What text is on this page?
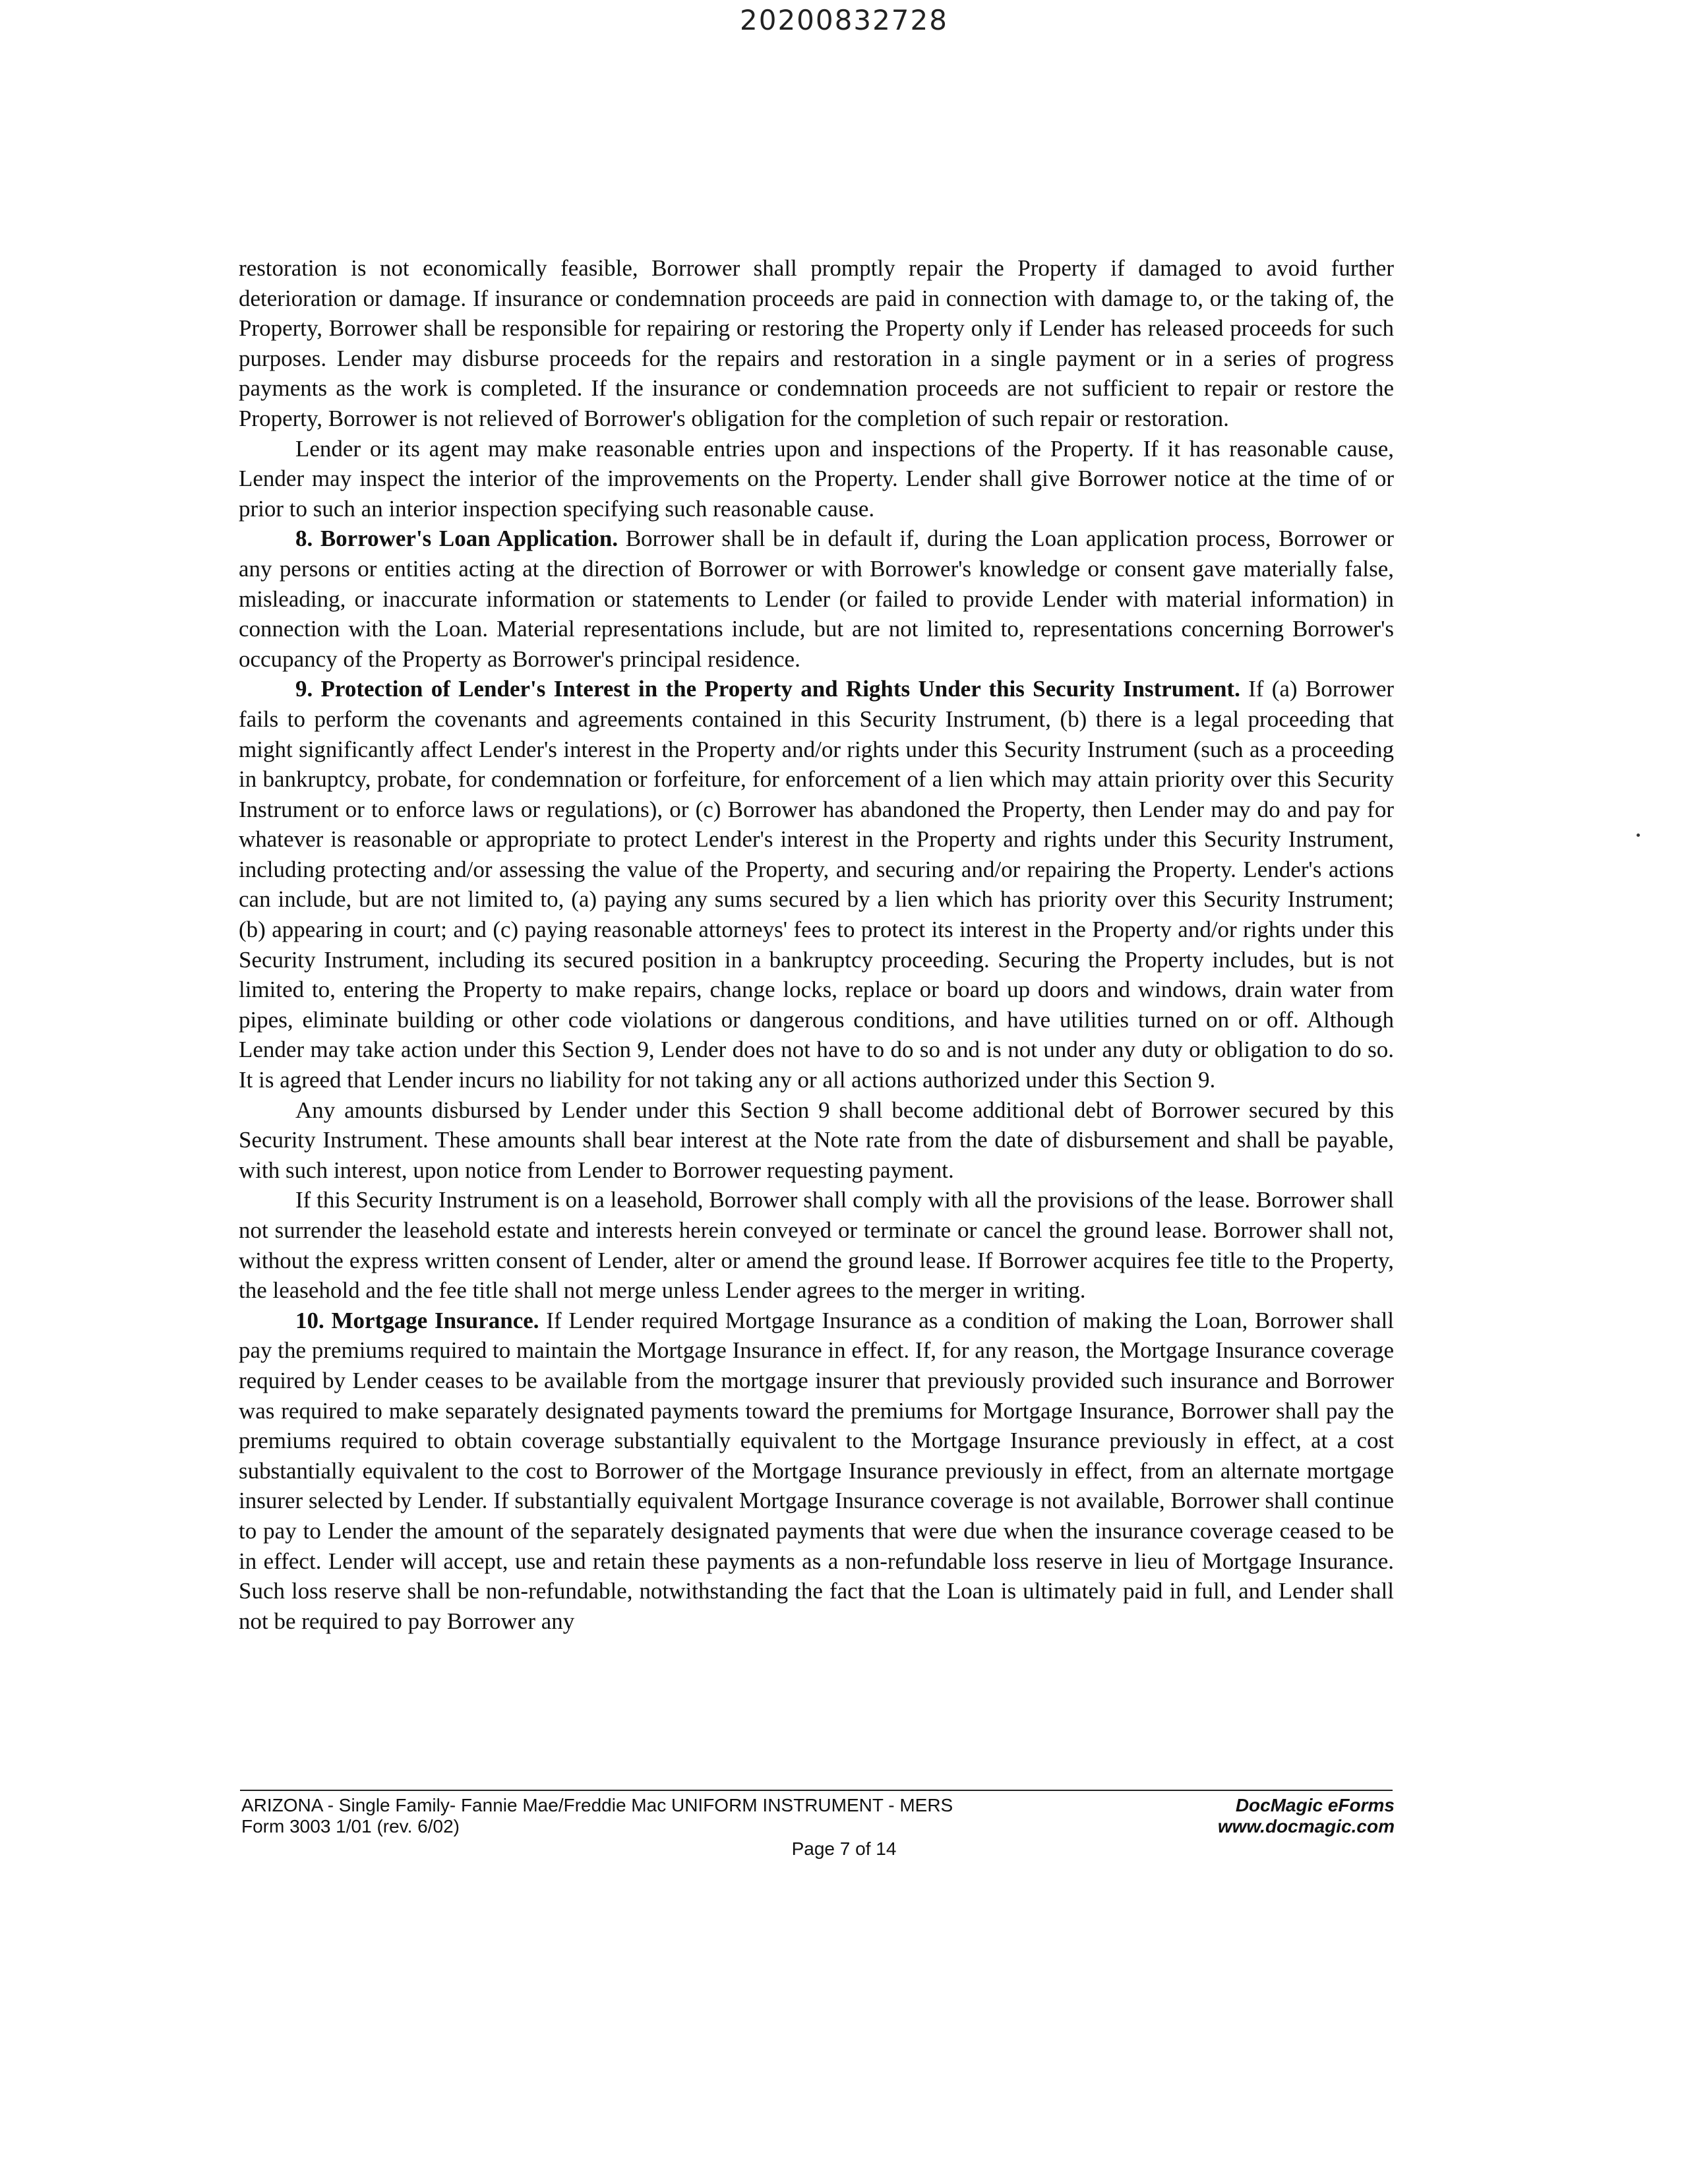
20200832728

restoration is not economically feasible, Borrower shall promptly repair the Property if damaged to avoid further deterioration or damage. If insurance or condemnation proceeds are paid in connection with damage to, or the taking of, the Property, Borrower shall be responsible for repairing or restoring the Property only if Lender has released proceeds for such purposes. Lender may disburse proceeds for the repairs and restoration in a single payment or in a series of progress payments as the work is completed. If the insurance or condemnation proceeds are not sufficient to repair or restore the Property, Borrower is not relieved of Borrower's obligation for the completion of such repair or restoration.

Lender or its agent may make reasonable entries upon and inspections of the Property. If it has reasonable cause, Lender may inspect the interior of the improvements on the Property. Lender shall give Borrower notice at the time of or prior to such an interior inspection specifying such reasonable cause.

8. Borrower's Loan Application. Borrower shall be in default if, during the Loan application process, Borrower or any persons or entities acting at the direction of Borrower or with Borrower's knowledge or consent gave materially false, misleading, or inaccurate information or statements to Lender (or failed to provide Lender with material information) in connection with the Loan. Material representations include, but are not limited to, representations concerning Borrower's occupancy of the Property as Borrower's principal residence.

9. Protection of Lender's Interest in the Property and Rights Under this Security Instrument. If (a) Borrower fails to perform the covenants and agreements contained in this Security Instrument, (b) there is a legal proceeding that might significantly affect Lender's interest in the Property and/or rights under this Security Instrument (such as a proceeding in bankruptcy, probate, for condemnation or forfeiture, for enforcement of a lien which may attain priority over this Security Instrument or to enforce laws or regulations), or (c) Borrower has abandoned the Property, then Lender may do and pay for whatever is reasonable or appropriate to protect Lender's interest in the Property and rights under this Security Instrument, including protecting and/or assessing the value of the Property, and securing and/or repairing the Property. Lender's actions can include, but are not limited to, (a) paying any sums secured by a lien which has priority over this Security Instrument; (b) appearing in court; and (c) paying reasonable attorneys' fees to protect its interest in the Property and/or rights under this Security Instrument, including its secured position in a bankruptcy proceeding. Securing the Property includes, but is not limited to, entering the Property to make repairs, change locks, replace or board up doors and windows, drain water from pipes, eliminate building or other code violations or dangerous conditions, and have utilities turned on or off. Although Lender may take action under this Section 9, Lender does not have to do so and is not under any duty or obligation to do so. It is agreed that Lender incurs no liability for not taking any or all actions authorized under this Section 9.

Any amounts disbursed by Lender under this Section 9 shall become additional debt of Borrower secured by this Security Instrument. These amounts shall bear interest at the Note rate from the date of disbursement and shall be payable, with such interest, upon notice from Lender to Borrower requesting payment.

If this Security Instrument is on a leasehold, Borrower shall comply with all the provisions of the lease. Borrower shall not surrender the leasehold estate and interests herein conveyed or terminate or cancel the ground lease. Borrower shall not, without the express written consent of Lender, alter or amend the ground lease. If Borrower acquires fee title to the Property, the leasehold and the fee title shall not merge unless Lender agrees to the merger in writing.

10. Mortgage Insurance. If Lender required Mortgage Insurance as a condition of making the Loan, Borrower shall pay the premiums required to maintain the Mortgage Insurance in effect. If, for any reason, the Mortgage Insurance coverage required by Lender ceases to be available from the mortgage insurer that previously provided such insurance and Borrower was required to make separately designated payments toward the premiums for Mortgage Insurance, Borrower shall pay the premiums required to obtain coverage substantially equivalent to the Mortgage Insurance previously in effect, at a cost substantially equivalent to the cost to Borrower of the Mortgage Insurance previously in effect, from an alternate mortgage insurer selected by Lender. If substantially equivalent Mortgage Insurance coverage is not available, Borrower shall continue to pay to Lender the amount of the separately designated payments that were due when the insurance coverage ceased to be in effect. Lender will accept, use and retain these payments as a non-refundable loss reserve in lieu of Mortgage Insurance. Such loss reserve shall be non-refundable, notwithstanding the fact that the Loan is ultimately paid in full, and Lender shall not be required to pay Borrower any

ARIZONA - Single Family- Fannie Mae/Freddie Mac UNIFORM INSTRUMENT - MERS
Form 3003 1/01 (rev. 6/02)
DocMagic eForms
www.docmagic.com
Page 7 of 14
